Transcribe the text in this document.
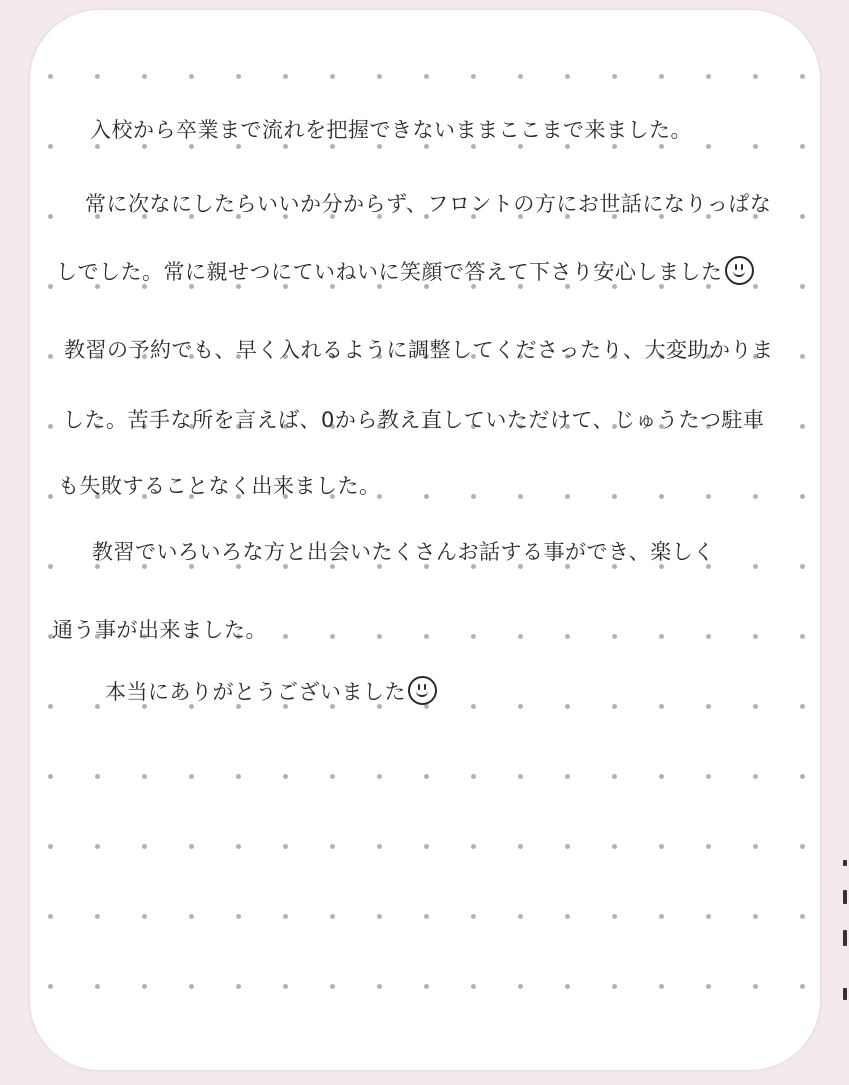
入校から卒業まで流れを把握できないままここまで来ました。
常に次なにしたらいいか分からず、フロントの方にお世話になりっぱな
しでした。常に親せつにていねいに笑顔で答えて下さり安心しました
教習の予約でも、早く入れるように調整してくださったり、大変助かりま
した。苦手な所を言えば、0から教え直していただけて、じゅうたつ駐車
も失敗することなく出来ました。
教習でいろいろな方と出会いたくさんお話する事ができ、楽しく
通う事が出来ました。
本当にありがとうございました
